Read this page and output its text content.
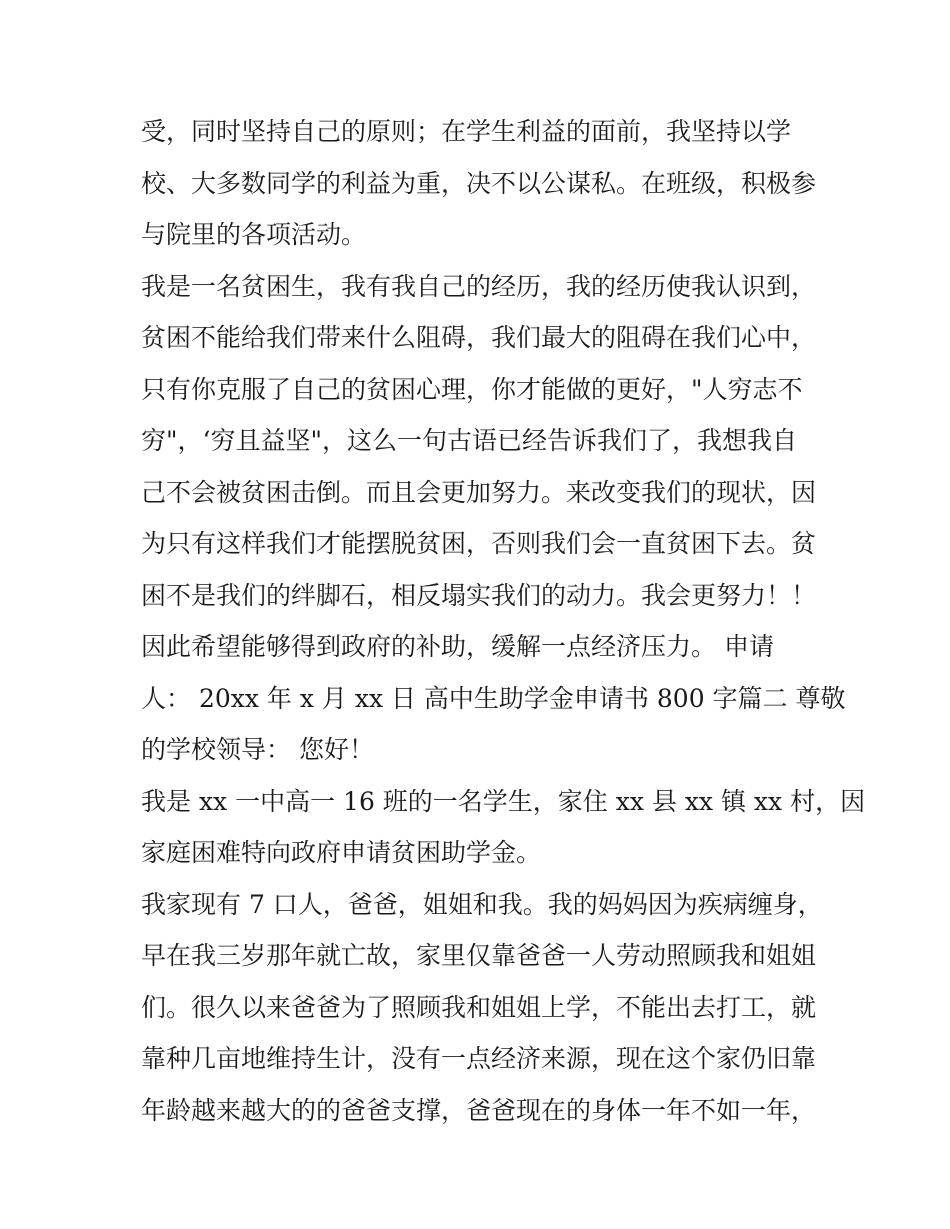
受，同时坚持自己的原则；在学生利益的面前，我坚持以学
校、大多数同学的利益为重，决不以公谋私。在班级，积极参
与院里的各项活动。
我是一名贫困生，我有我自己的经历，我的经历使我认识到，
贫困不能给我们带来什么阻碍，我们最大的阻碍在我们心中，
只有你克服了自己的贫困心理，你才能做的更好，"人穷志不
穷"，‘穷且益坚"，这么一句古语已经告诉我们了，我想我自
己不会被贫困击倒。而且会更加努力。来改变我们的现状，因
为只有这样我们才能摆脱贫困，否则我们会一直贫困下去。贫
困不是我们的绊脚石，相反塌实我们的动力。我会更努力！！
因此希望能够得到政府的补助，缓解一点经济压力。 申请
人： 20xx 年 x 月 xx 日 高中生助学金申请书 800 字篇二 尊敬
的学校领导： 您好！
我是 xx 一中高一 16 班的一名学生，家住 xx 县 xx 镇 xx 村，因
家庭困难特向政府申请贫困助学金。
我家现有 7 口人，爸爸，姐姐和我。我的妈妈因为疾病缠身，
早在我三岁那年就亡故，家里仅靠爸爸一人劳动照顾我和姐姐
们。很久以来爸爸为了照顾我和姐姐上学，不能出去打工，就
靠种几亩地维持生计，没有一点经济来源，现在这个家仍旧靠
年龄越来越大的的爸爸支撑，爸爸现在的身体一年不如一年，
